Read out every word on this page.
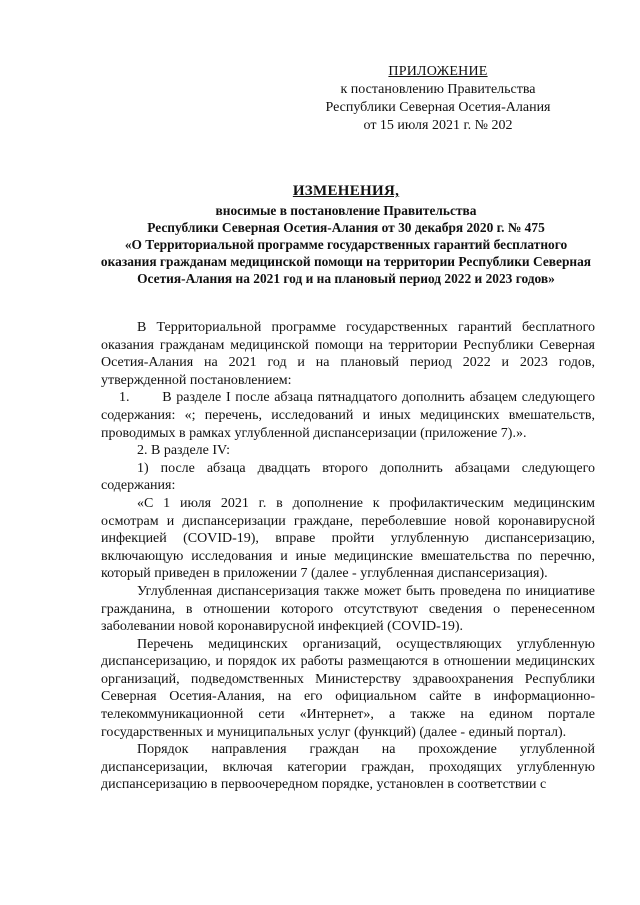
ПРИЛОЖЕНИЕ
к постановлению Правительства
Республики Северная Осетия-Алания
от 15 июля 2021 г. № 202
ИЗМЕНЕНИЯ,
вносимые в постановление Правительства
Республики Северная Осетия-Алания от 30 декабря 2020 г. № 475
«О Территориальной программе государственных гарантий бесплатного оказания гражданам медицинской помощи на территории Республики Северная Осетия-Алания на 2021 год и на плановый период 2022 и 2023 годов»

В Территориальной программе государственных гарантий бесплатного оказания гражданам медицинской помощи на территории Республики Северная Осетия-Алания на 2021 год и на плановый период 2022 и 2023 годов, утвержденной постановлением:

1.       В разделе I после абзаца пятнадцатого дополнить абзацем следующего содержания: «; перечень, исследований и иных медицинских вмешательств, проводимых в рамках углубленной диспансеризации (приложение 7).».

2. В разделе IV:

1) после абзаца двадцать второго дополнить абзацами следующего содержания:

«С 1 июля 2021 г. в дополнение к профилактическим медицинским осмотрам и диспансеризации граждане, переболевшие новой коронавирусной инфекцией (COVID-19), вправе пройти углубленную диспансеризацию, включающую исследования и иные медицинские вмешательства по перечню, который приведен в приложении 7 (далее - углубленная диспансеризация).

Углубленная диспансеризация также может быть проведена по инициативе гражданина, в отношении которого отсутствуют сведения о перенесенном заболевании новой коронавирусной инфекцией (COVID-19).

Перечень медицинских организаций, осуществляющих углубленную диспансеризацию, и порядок их работы размещаются в отношении медицинских организаций, подведомственных Министерству здравоохранения Республики Северная Осетия-Алания, на его официальном сайте в информационно-телекоммуникационной сети «Интернет», а также на едином портале государственных и муниципальных услуг (функций) (далее - единый портал).

Порядок направления граждан на прохождение углубленной диспансеризации, включая категории граждан, проходящих углубленную диспансеризацию в первоочередном порядке, установлен в соответствии с
